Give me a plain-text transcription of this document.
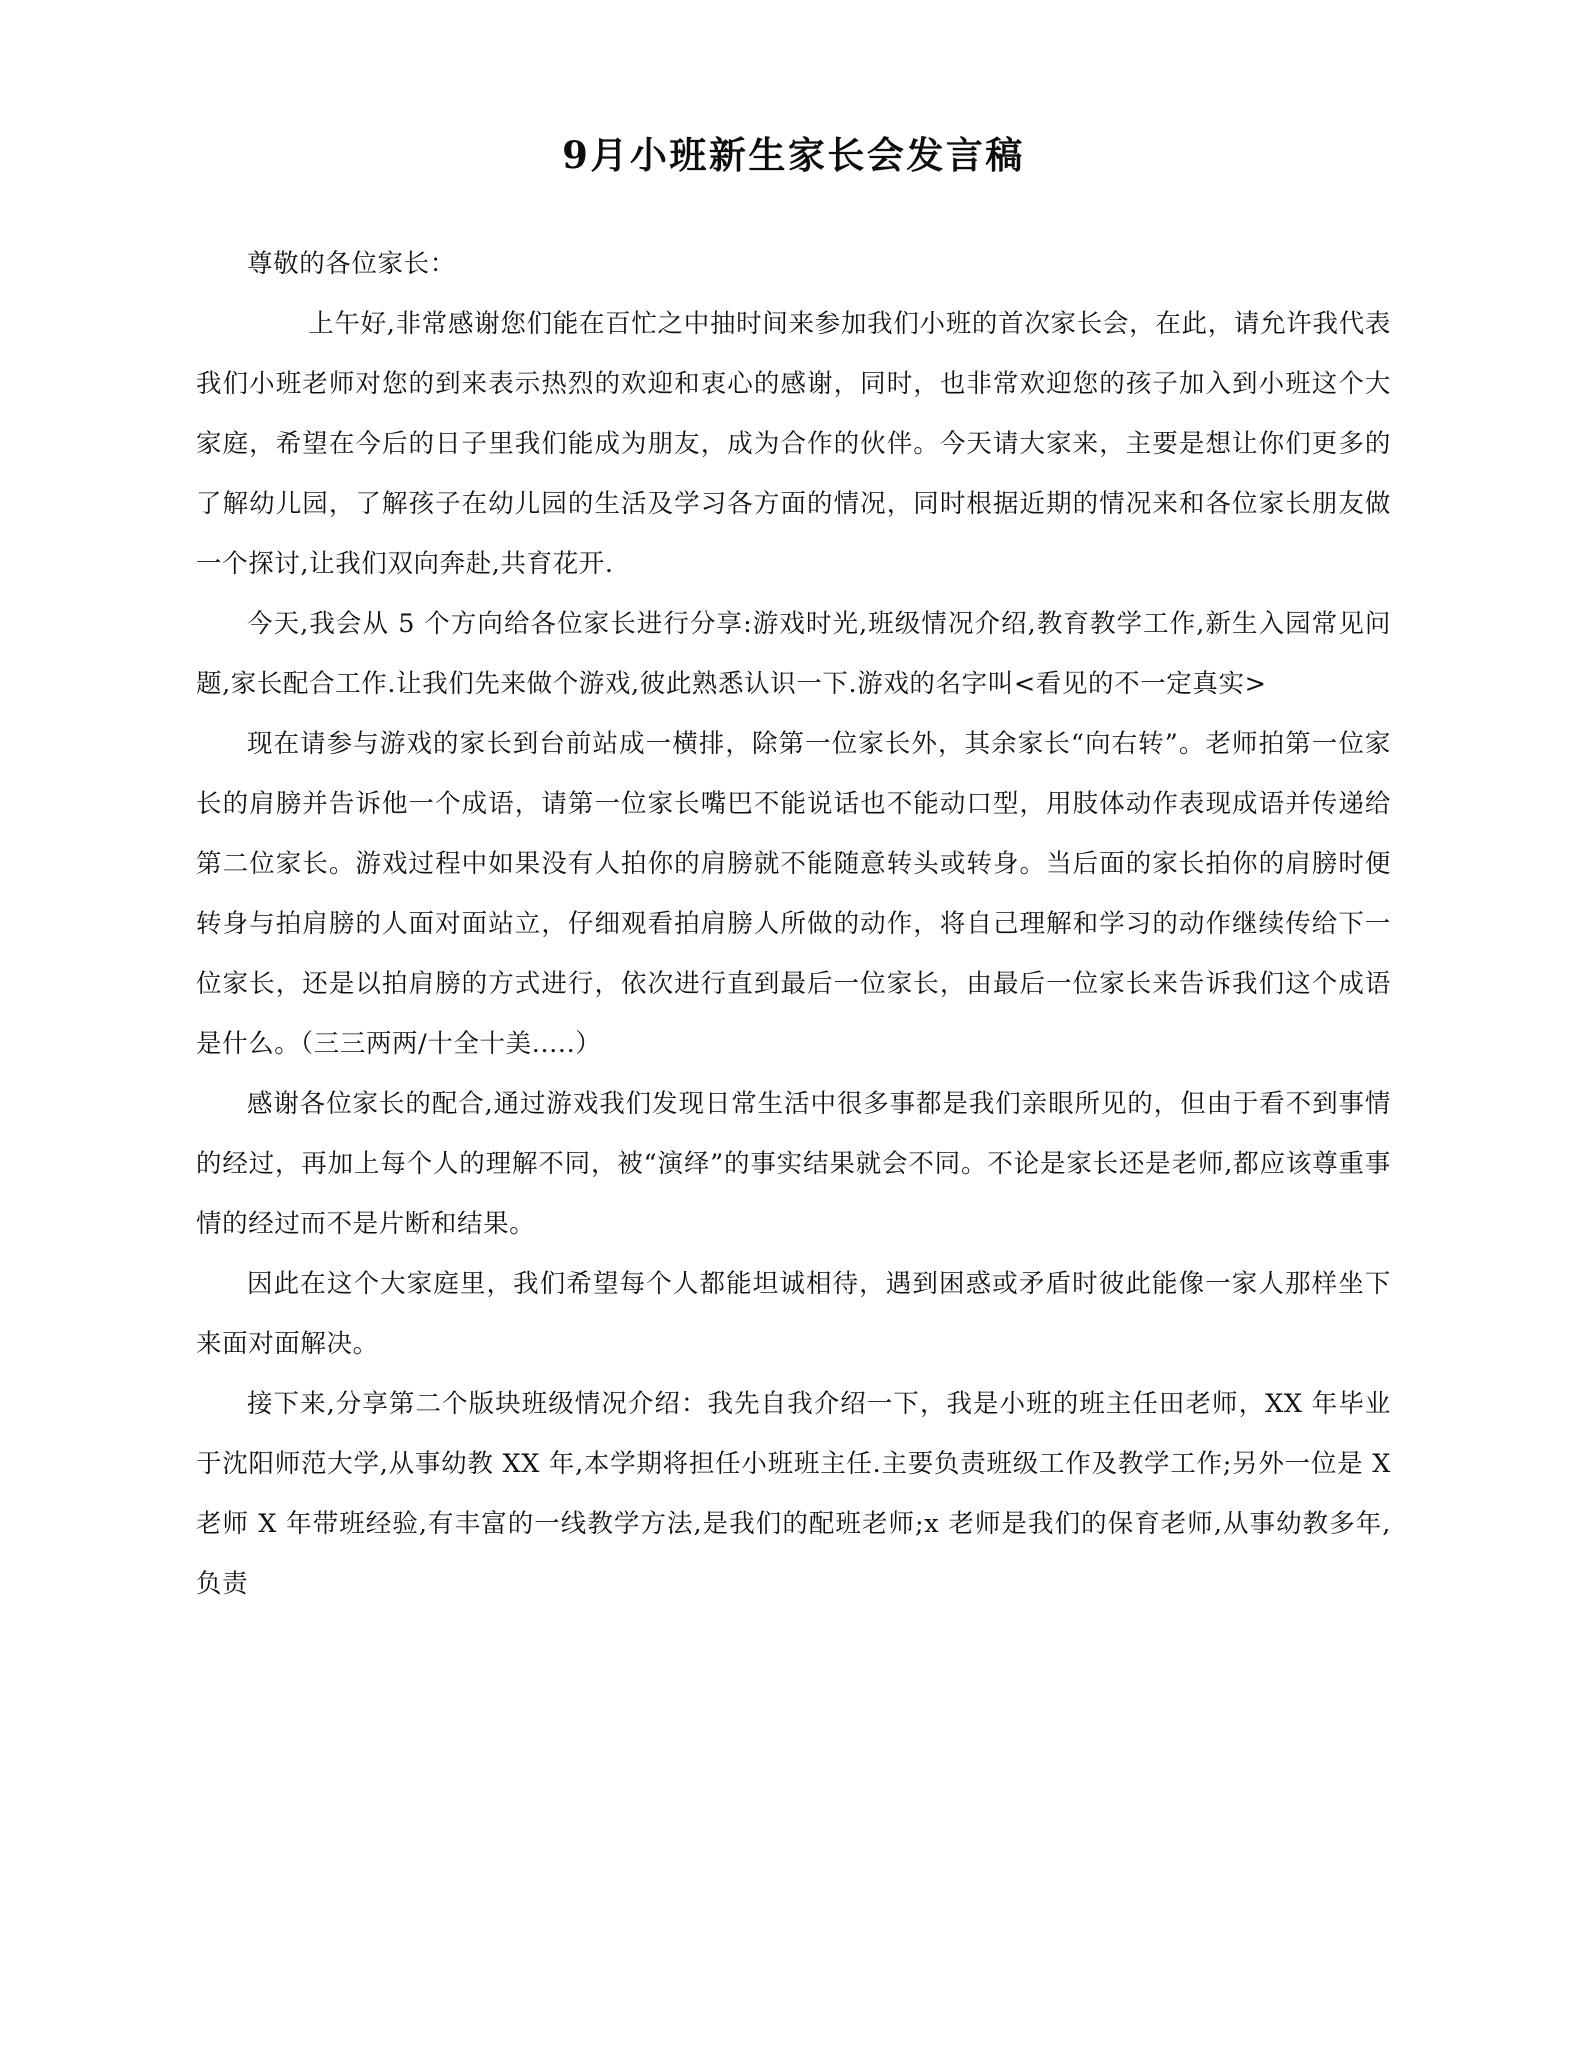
9月小班新生家长会发言稿

尊敬的各位家长：

上午好,非常感谢您们能在百忙之中抽时间来参加我们小班的首次家长会，在此，请允许我代表我们小班老师对您的到来表示热烈的欢迎和衷心的感谢，同时，也非常欢迎您的孩子加入到小班这个大家庭，希望在今后的日子里我们能成为朋友，成为合作的伙伴。今天请大家来，主要是想让你们更多的了解幼儿园，了解孩子在幼儿园的生活及学习各方面的情况，同时根据近期的情况来和各位家长朋友做一个探讨,让我们双向奔赴,共育花开.

今天,我会从 5 个方向给各位家长进行分享:游戏时光,班级情况介绍,教育教学工作,新生入园常见问题,家长配合工作.让我们先来做个游戏,彼此熟悉认识一下.游戏的名字叫<看见的不一定真实>

现在请参与游戏的家长到台前站成一横排，除第一位家长外，其余家长“向右转”。老师拍第一位家长的肩膀并告诉他一个成语，请第一位家长嘴巴不能说话也不能动口型，用肢体动作表现成语并传递给第二位家长。游戏过程中如果没有人拍你的肩膀就不能随意转头或转身。当后面的家长拍你的肩膀时便转身与拍肩膀的人面对面站立，仔细观看拍肩膀人所做的动作，将自己理解和学习的动作继续传给下一位家长，还是以拍肩膀的方式进行，依次进行直到最后一位家长，由最后一位家长来告诉我们这个成语是什么。（三三两两/十全十美.....）

感谢各位家长的配合,通过游戏我们发现日常生活中很多事都是我们亲眼所见的，但由于看不到事情的经过，再加上每个人的理解不同，被“演绎”的事实结果就会不同。不论是家长还是老师,都应该尊重事情的经过而不是片断和结果。

因此在这个大家庭里，我们希望每个人都能坦诚相待，遇到困惑或矛盾时彼此能像一家人那样坐下来面对面解决。

接下来,分享第二个版块班级情况介绍：我先自我介绍一下，我是小班的班主任田老师，XX 年毕业于沈阳师范大学,从事幼教 XX 年,本学期将担任小班班主任.主要负责班级工作及教学工作;另外一位是 X 老师 X 年带班经验,有丰富的一线教学方法,是我们的配班老师;x 老师是我们的保育老师,从事幼教多年,负责
